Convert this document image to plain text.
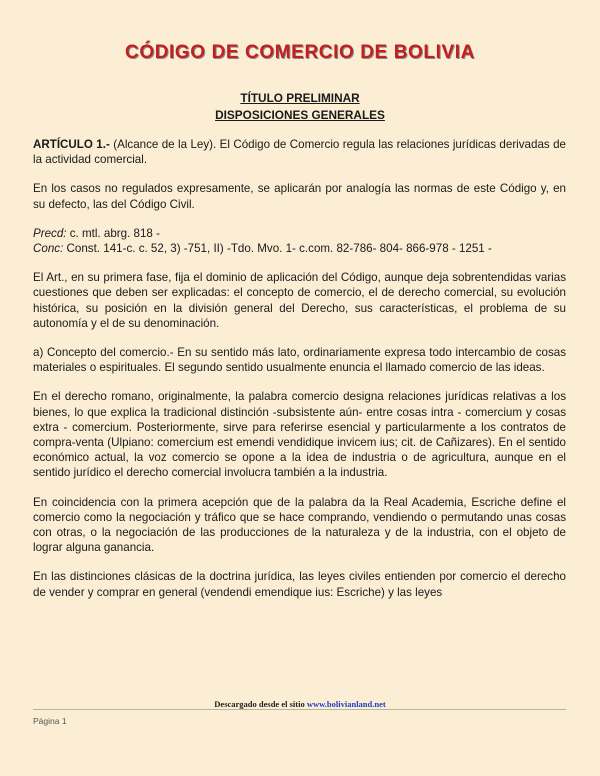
CÓDIGO DE COMERCIO DE BOLIVIA
TÍTULO PRELIMINAR
DISPOSICIONES GENERALES

ARTÍCULO 1.- (Alcance de la Ley). El Código de Comercio regula las relaciones jurídicas derivadas de la actividad comercial.

En los casos no regulados expresamente, se aplicarán por analogía las normas de este Código y, en su defecto, las del Código Civil.

Precd: c. mtl. abrg. 818 -

Conc: Const. 141-c. c. 52, 3) -751, II) -Tdo. Mvo. 1- c.com. 82-786- 804- 866-978 - 1251 -

El Art., en su primera fase, fija el dominio de aplicación del Código, aunque deja sobrentendidas varias cuestiones que deben ser explicadas: el concepto de comercio, el de derecho comercial, su evolución histórica, su posición en la división general del Derecho, sus características, el problema de su autonomía y el de su denominación.

a) Concepto del comercio.- En su sentido más lato, ordinariamente expresa todo intercambio de cosas materiales o espirituales. El segundo sentido usualmente enuncia el llamado comercio de las ideas.

En el derecho romano, originalmente, la palabra comercio designa relaciones jurídicas relativas a los bienes, lo que explica la tradicional distinción -subsistente aún- entre cosas intra - comercium y cosas extra - comercium. Posteriormente, sirve para referirse esencial y particularmente a los contratos de compra-venta (Ulpiano: comercium est emendi vendidique invicem ius; cit. de Cañizares). En el sentido económico actual, la voz comercio se opone a la idea de industria o de agricultura, aunque en el sentido jurídico el derecho comercial involucra también a la industria.

En coincidencia con la primera acepción que de la palabra da la Real Academia, Escriche define el comercio como la negociación y tráfico que se hace comprando, vendiendo o permutando unas cosas con otras, o la negociación de las producciones de la naturaleza y de la industria, con el objeto de lograr alguna ganancia.

En las distinciones clásicas de la doctrina jurídica, las leyes civiles entienden por comercio el derecho de vender y comprar en general (vendendi emendique ius: Escriche) y las leyes

Descargado desde el sitio www.bolivianland.net
Página 1
